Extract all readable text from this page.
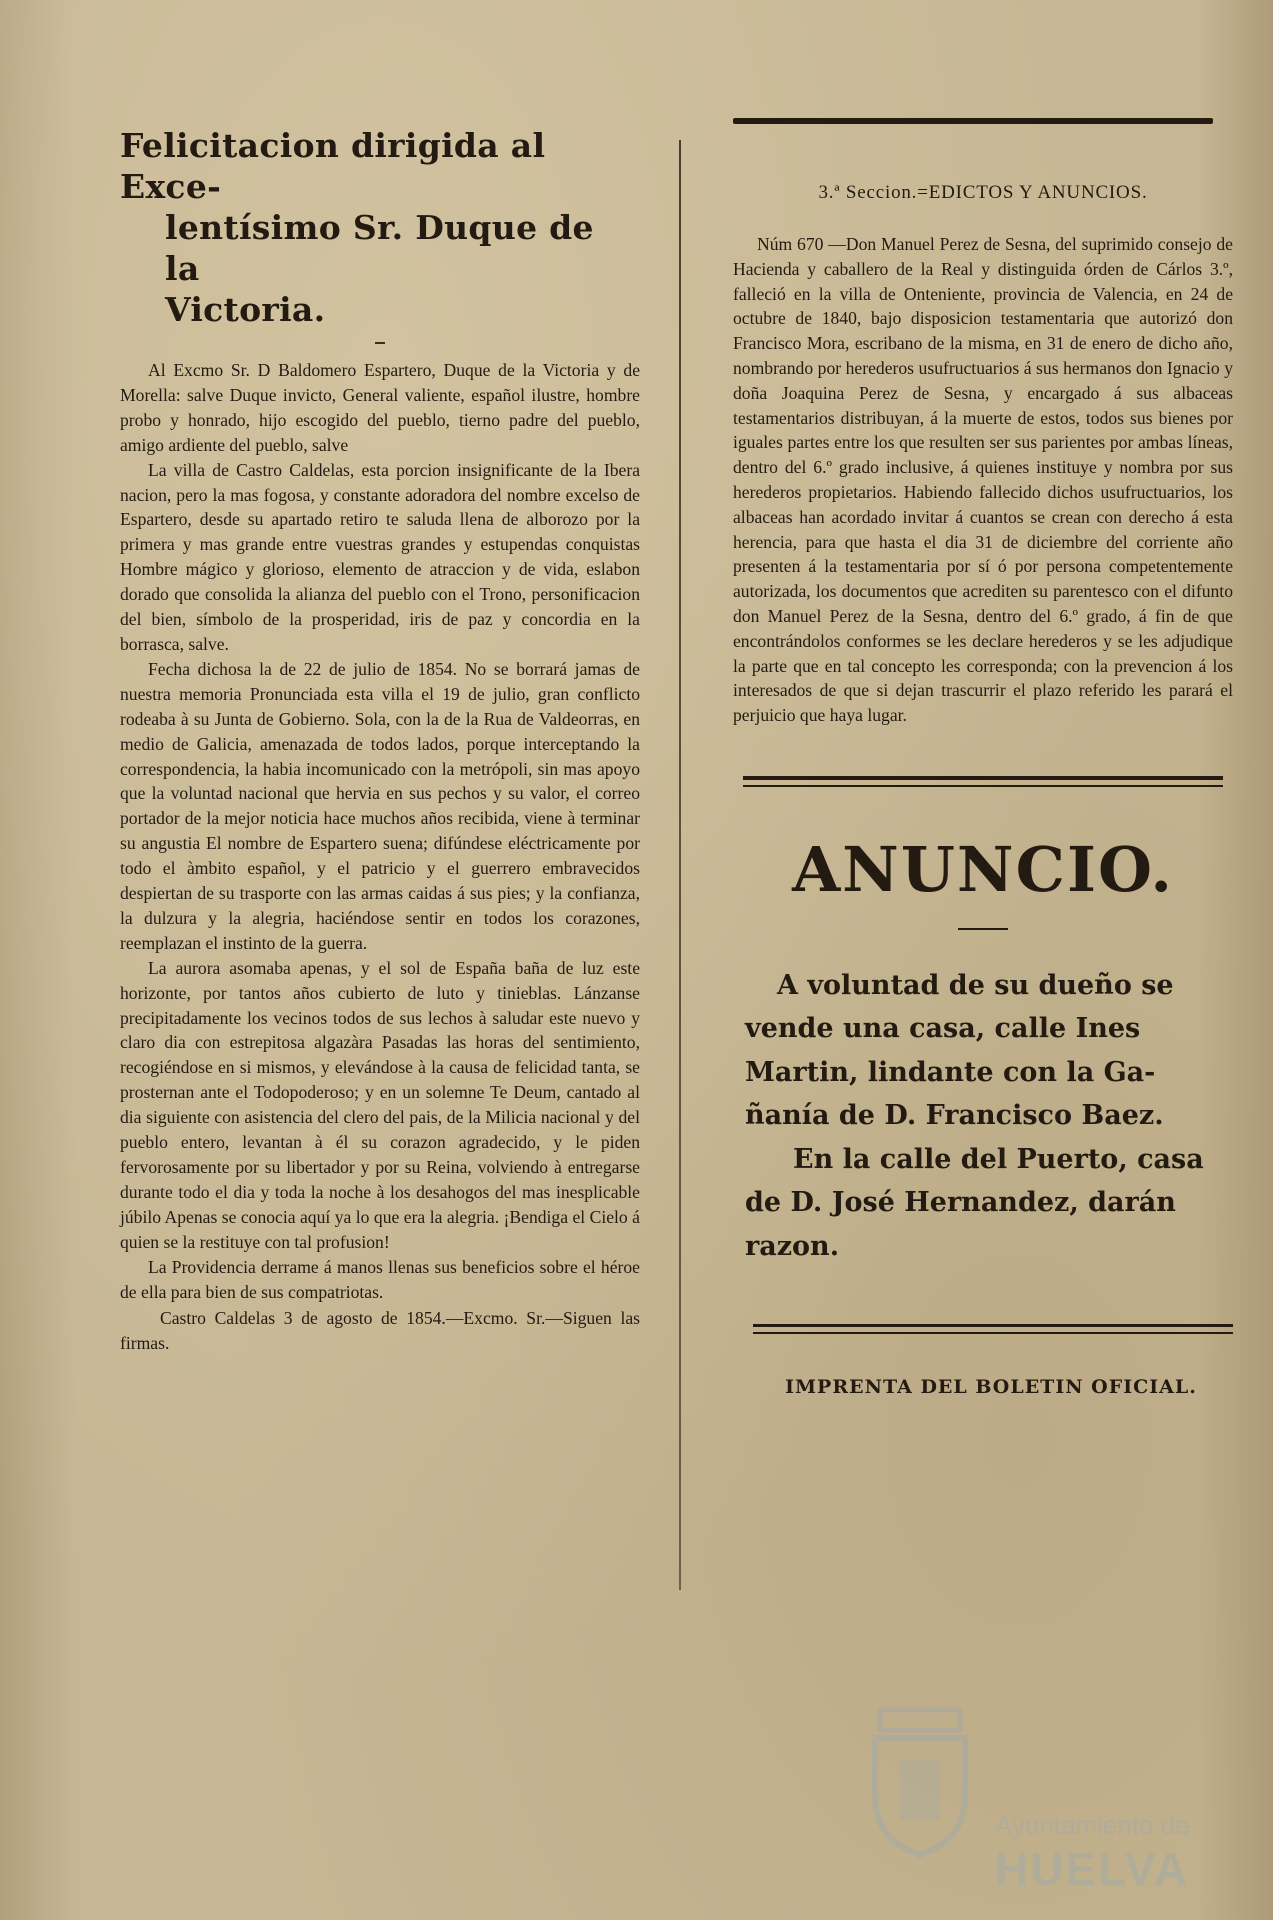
Felicitacion dirigida al Exce-
lentísimo Sr. Duque de la
Victoria.

Al Excmo Sr. D Baldomero Espartero, Duque de la Victoria y de Morella: salve Duque invicto, General valiente, español ilustre, hombre probo y honrado, hijo escogido del pueblo, tierno padre del pueblo, amigo ardiente del pueblo, salve

La villa de Castro Caldelas, esta porcion insignificante de la Ibera nacion, pero la mas fogosa, y constante adoradora del nombre excelso de Espartero, desde su apartado retiro te saluda llena de alborozo por la primera y mas grande entre vuestras grandes y estupendas conquistas Hombre mágico y glorioso, elemento de atraccion y de vida, eslabon dorado que consolida la alianza del pueblo con el Trono, personificacion del bien, símbolo de la prosperidad, iris de paz y concordia en la borrasca, salve.

Fecha dichosa la de 22 de julio de 1854. No se borrará jamas de nuestra memoria Pronunciada esta villa el 19 de julio, gran conflicto rodeaba à su Junta de Gobierno. Sola, con la de la Rua de Valdeorras, en medio de Galicia, amenazada de todos lados, porque interceptando la correspondencia, la habia incomunicado con la metrópoli, sin mas apoyo que la voluntad nacional que hervia en sus pechos y su valor, el correo portador de la mejor noticia hace muchos años recibida, viene à terminar su angustia El nombre de Espartero suena; difúndese eléctricamente por todo el àmbito español, y el patricio y el guerrero embravecidos despiertan de su trasporte con las armas caidas á sus pies; y la confianza, la dulzura y la alegria, haciéndose sentir en todos los corazones, reemplazan el instinto de la guerra.

La aurora asomaba apenas, y el sol de España baña de luz este horizonte, por tantos años cubierto de luto y tinieblas. Lánzanse precipitadamente los vecinos todos de sus lechos à saludar este nuevo y claro dia con estrepitosa algazàra Pasadas las horas del sentimiento, recogiéndose en si mismos, y elevándose à la causa de felicidad tanta, se prosternan ante el Todopoderoso; y en un solemne Te Deum, cantado al dia siguiente con asistencia del clero del pais, de la Milicia nacional y del pueblo entero, levantan à él su corazon agradecido, y le piden fervorosamente por su libertador y por su Reina, volviendo à entregarse durante todo el dia y toda la noche à los desahogos del mas inesplicable júbilo Apenas se conocia aquí ya lo que era la alegria. ¡Bendiga el Cielo á quien se la restituye con tal profusion!

La Providencia derrame á manos llenas sus beneficios sobre el héroe de ella para bien de sus compatriotas.

Castro Caldelas 3 de agosto de 1854.—Excmo. Sr.—Siguen las firmas.

3.ª Seccion.=EDICTOS Y ANUNCIOS.

Núm 670 —Don Manuel Perez de Sesna, del suprimido consejo de Hacienda y caballero de la Real y distinguida órden de Cárlos 3.º, falleció en la villa de Onteniente, provincia de Valencia, en 24 de octubre de 1840, bajo disposicion testamentaria que autorizó don Francisco Mora, escribano de la misma, en 31 de enero de dicho año, nombrando por herederos usufructuarios á sus hermanos don Ignacio y doña Joaquina Perez de Sesna, y encargado á sus albaceas testamentarios distribuyan, á la muerte de estos, todos sus bienes por iguales partes entre los que resulten ser sus parientes por ambas líneas, dentro del 6.º grado inclusive, á quienes instituye y nombra por sus herederos propietarios. Habiendo fallecido dichos usufructuarios, los albaceas han acordado invitar á cuantos se crean con derecho á esta herencia, para que hasta el dia 31 de diciembre del corriente año presenten á la testamentaria por sí ó por persona competentemente autorizada, los documentos que acrediten su parentesco con el difunto don Manuel Perez de la Sesna, dentro del 6.º grado, á fin de que encontrándolos conformes se les declare herederos y se les adjudique la parte que en tal concepto les corresponda; con la prevencion á los interesados de que si dejan trascurrir el plazo referido les parará el perjuicio que haya lugar.

ANUNCIO.

A voluntad de su dueño se
vende una casa, calle Ines
Martin, lindante con la Ga-
ñanía de D. Francisco Baez.
En la calle del Puerto, casa
de D. José Hernandez, darán
razon.

IMPRENTA DEL BOLETIN OFICIAL.
Ayuntamiento de
HUELVA
